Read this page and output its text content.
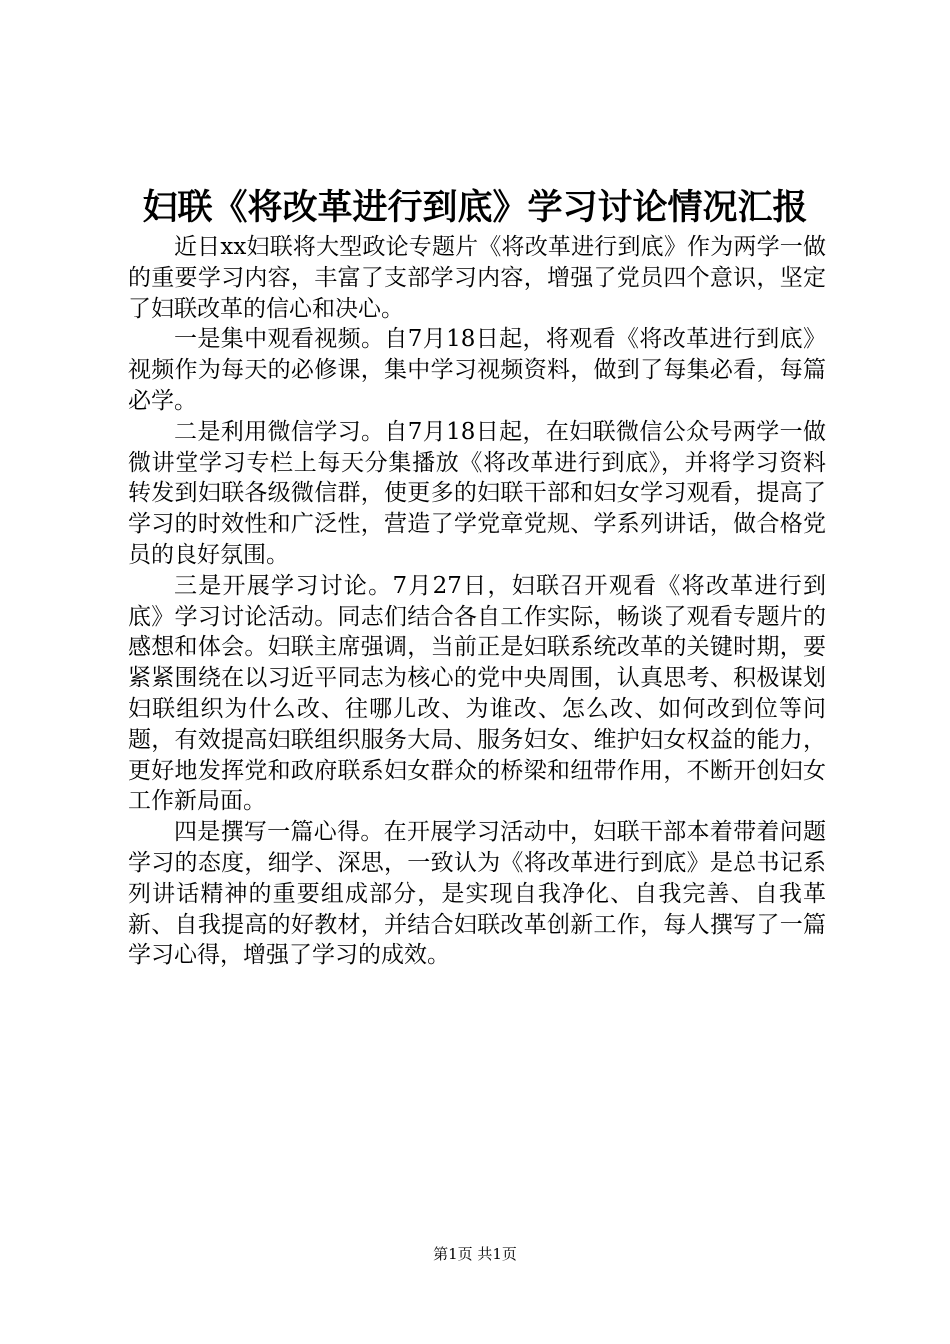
妇联《将改革进行到底》学习讨论情况汇报

近日xx妇联将大型政论专题片《将改革进行到底》作为两学一做的重要学习内容，丰富了支部学习内容，增强了党员四个意识，坚定了妇联改革的信心和决心。

一是集中观看视频。自7月18日起，将观看《将改革进行到底》视频作为每天的必修课，集中学习视频资料，做到了每集必看，每篇必学。

二是利用微信学习。自7月18日起，在妇联微信公众号两学一做微讲堂学习专栏上每天分集播放《将改革进行到底》，并将学习资料转发到妇联各级微信群，使更多的妇联干部和妇女学习观看，提高了学习的时效性和广泛性，营造了学党章党规、学系列讲话，做合格党员的良好氛围。

三是开展学习讨论。7月27日，妇联召开观看《将改革进行到底》学习讨论活动。同志们结合各自工作实际，畅谈了观看专题片的感想和体会。妇联主席强调，当前正是妇联系统改革的关键时期，要紧紧围绕在以习近平同志为核心的党中央周围，认真思考、积极谋划妇联组织为什么改、往哪儿改、为谁改、怎么改、如何改到位等问题，有效提高妇联组织服务大局、服务妇女、维护妇女权益的能力，更好地发挥党和政府联系妇女群众的桥梁和纽带作用，不断开创妇女工作新局面。

四是撰写一篇心得。在开展学习活动中，妇联干部本着带着问题学习的态度，细学、深思，一致认为《将改革进行到底》是总书记系列讲话精神的重要组成部分，是实现自我净化、自我完善、自我革新、自我提高的好教材，并结合妇联改革创新工作，每人撰写了一篇学习心得，增强了学习的成效。

第1页 共1页
